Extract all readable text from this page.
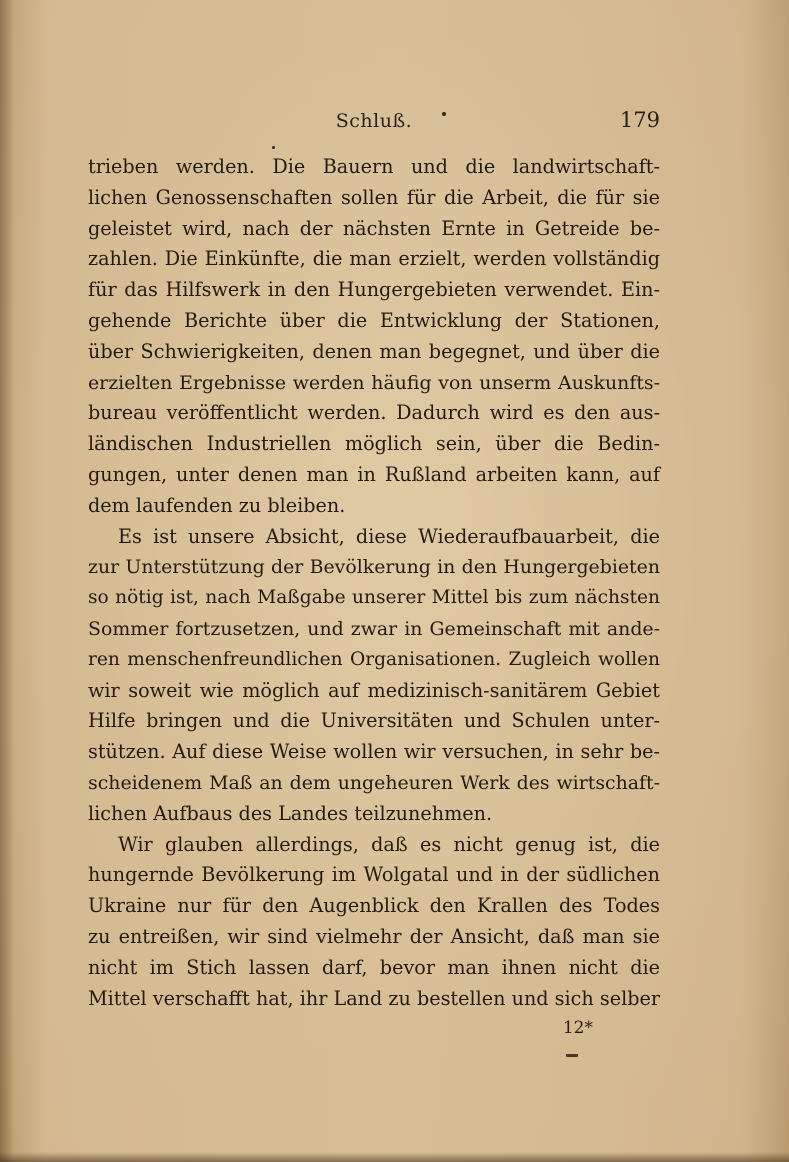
Schluß.	179
trieben werden. Die Bauern und die landwirtschaft-
lichen Genossenschaften sollen für die Arbeit, die für sie
geleistet wird, nach der nächsten Ernte in Getreide be-
zahlen. Die Einkünfte, die man erzielt, werden vollständig
für das Hilfswerk in den Hungergebieten verwendet. Ein-
gehende Berichte über die Entwicklung der Stationen,
über Schwierigkeiten, denen man begegnet, und über die
erzielten Ergebnisse werden häufig von unserm Auskunfts-
bureau veröffentlicht werden. Dadurch wird es den aus-
ländischen Industriellen möglich sein, über die Bedin-
gungen, unter denen man in Rußland arbeiten kann, auf
dem laufenden zu bleiben.
Es ist unsere Absicht, diese Wiederaufbauarbeit, die
zur Unterstützung der Bevölkerung in den Hungergebieten
so nötig ist, nach Maßgabe unserer Mittel bis zum nächsten
Sommer fortzusetzen, und zwar in Gemeinschaft mit ande-
ren menschenfreundlichen Organisationen. Zugleich wollen
wir soweit wie möglich auf medizinisch-sanitärem Gebiet
Hilfe bringen und die Universitäten und Schulen unter-
stützen. Auf diese Weise wollen wir versuchen, in sehr be-
scheidenem Maß an dem ungeheuren Werk des wirtschaft-
lichen Aufbaus des Landes teilzunehmen.
Wir glauben allerdings, daß es nicht genug ist, die
hungernde Bevölkerung im Wolgatal und in der südlichen
Ukraine nur für den Augenblick den Krallen des Todes
zu entreißen, wir sind vielmehr der Ansicht, daß man sie
nicht im Stich lassen darf, bevor man ihnen nicht die
Mittel verschafft hat, ihr Land zu bestellen und sich selber
12*
